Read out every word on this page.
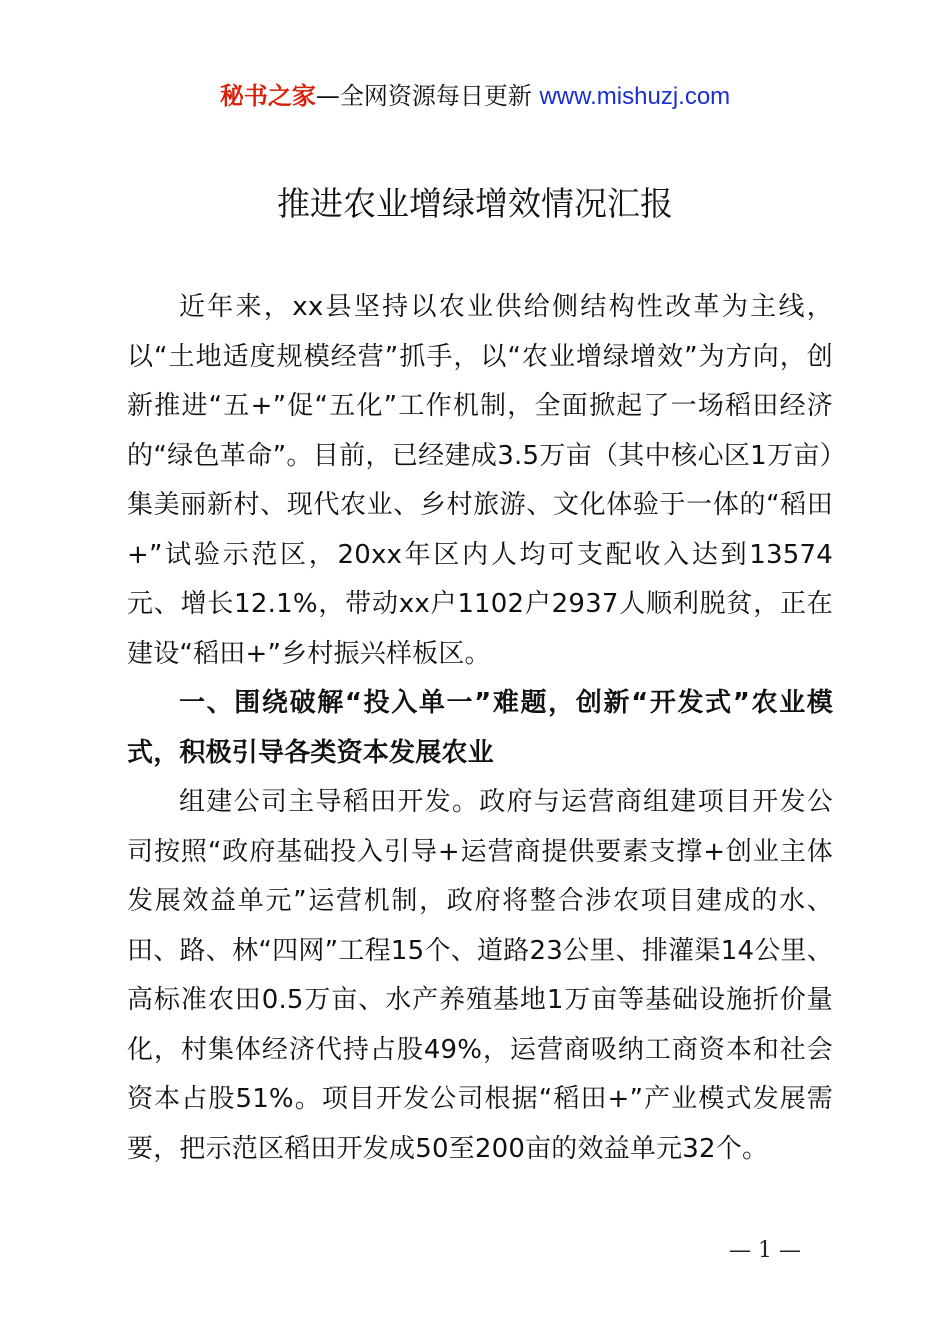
秘书之家—全网资源每日更新 www.mishuzj.com
推进农业增绿增效情况汇报

近年来，xx县坚持以农业供给侧结构性改革为主线，以“土地适度规模经营”抓手，以“农业增绿增效”为方向，创新推进“五+”促“五化”工作机制，全面掀起了一场稻田经济的“绿色革命”。目前，已经建成3.5万亩（其中核心区1万亩）集美丽新村、现代农业、乡村旅游、文化体验于一体的“稻田+”试验示范区，20xx年区内人均可支配收入达到13574元、增长12.1%，带动xx户1102户2937人顺利脱贫，正在建设“稻田+”乡村振兴样板区。

一、围绕破解“投入单一”难题，创新“开发式”农业模式，积极引导各类资本发展农业

组建公司主导稻田开发。政府与运营商组建项目开发公司按照“政府基础投入引导+运营商提供要素支撑+创业主体发展效益单元”运营机制，政府将整合涉农项目建成的水、田、路、林“四网”工程15个、道路23公里、排灌渠14公里、高标准农田0.5万亩、水产养殖基地1万亩等基础设施折价量化，村集体经济代持占股49%，运营商吸纳工商资本和社会资本占股51%。项目开发公司根据“稻田+”产业模式发展需要，把示范区稻田开发成50至200亩的效益单元32个。

— 1 —
